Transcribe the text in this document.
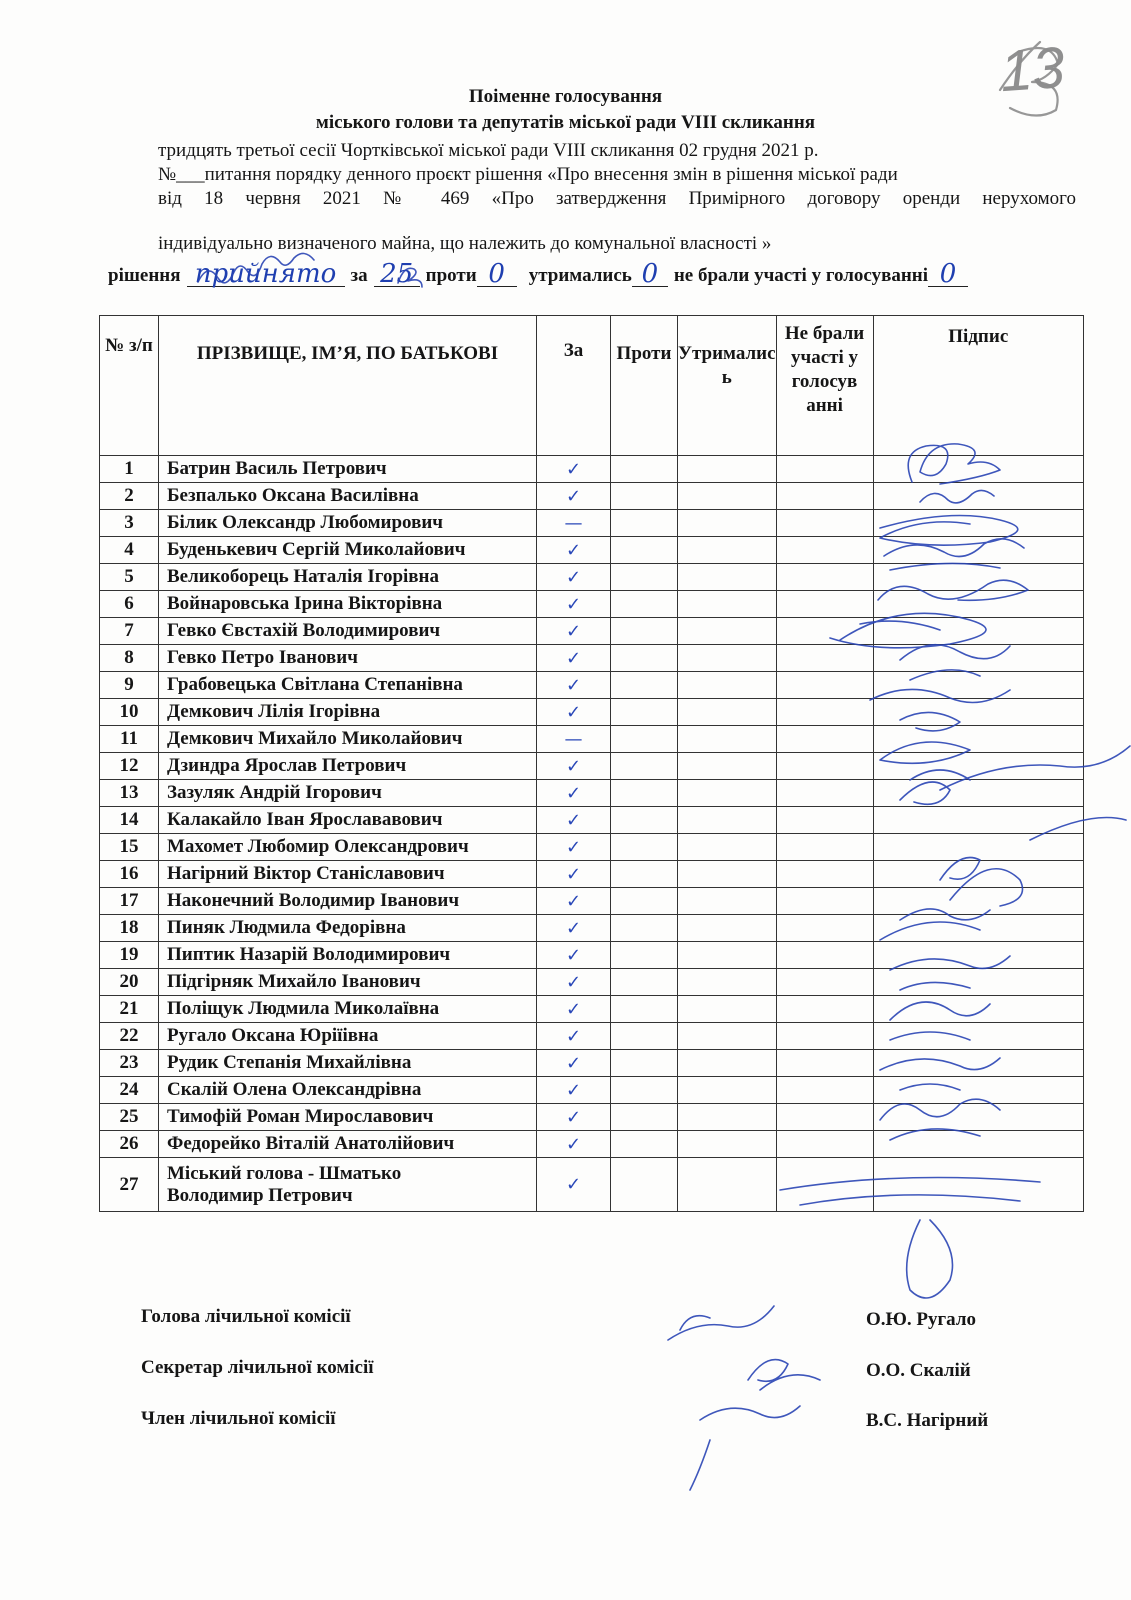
13
Поіменне голосування
міського голови та депутатів міської ради VIII скликання
тридцять третьої сесії Чортківської міської ради VIII скликання 02 грудня 2021 р.
№___питання порядку денного проєкт рішення «Про внесення змін в рішення міської ради
від 18 червня 2021 № 469 «Про затвердження Примірного договору оренди нерухомого
індивідуально визначеного майна, що належить до комунальної власності »
рішення прийнято за 25 проти 0	утримались 0 не брали участі у голосуванні 0
№ з/п	ПРІЗВИЩЕ, ІМ’Я, ПО БАТЬКОВІ	За	Проти	Утрималис ь	Не брали участі у голосув анні	Підпис
1	Батрин Василь Петрович	✓				
2	Безпалько Оксана Василівна	✓				
3	Білик Олександр Любомирович	—				
4	Буденькевич Сергій Миколайович	✓				
5	Великоборець Наталія Ігорівна	✓				
6	Войнаровська Ірина Вікторівна	✓				
7	Гевко Євстахій Володимирович	✓				
8	Гевко Петро Іванович	✓				
9	Грабовецька Світлана Степанівна	✓				
10	Демкович Лілія Ігорівна	✓				
11	Демкович Михайло Миколайович	—				
12	Дзиндра Ярослав Петрович	✓				
13	Зазуляк Андрій Ігорович	✓				
14	Калакайло Іван Ярослававович	✓				
15	Махомет Любомир Олександрович	✓				
16	Нагірний Віктор Станіславович	✓				
17	Наконечний Володимир Іванович	✓				
18	Пиняк Людмила Федорівна	✓				
19	Пиптик Назарій Володимирович	✓				
20	Підгірняк Михайло Іванович	✓				
21	Поліщук Людмила Миколаївна	✓				
22	Ругало Оксана Юріїівна	✓				
23	Рудик Степанія Михайлівна	✓				
24	Скалій Олена Олександрівна	✓				
25	Тимофій Роман Мирославович	✓				
26	Федорейко Віталій Анатолійович	✓				
27	Міський голова - Шматько
Володимир Петрович	✓				
Голова лічильної комісії
Секретар лічильної комісії
Член лічильної комісії
О.Ю. Ругало
О.О. Скалій
В.С. Нагірний
